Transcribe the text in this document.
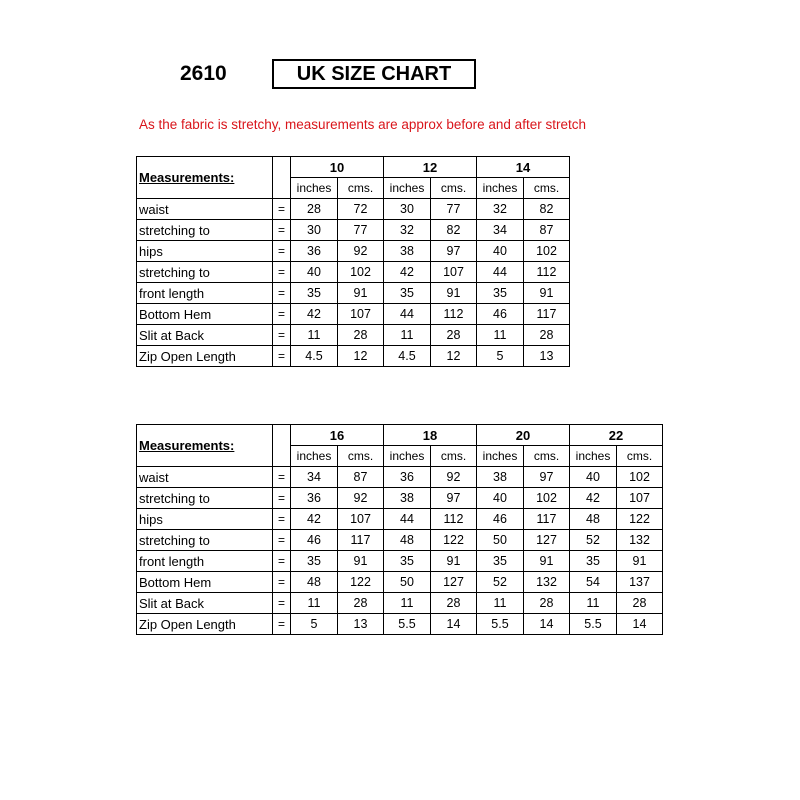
2610	UK SIZE CHART
As the fabric is stretchy, measurements are approx before and after stretch
Measurements:		10		12		14	
		inches	cms.	inches	cms.	inches	cms.
waist	=	28	72	30	77	32	82
stretching to	=	30	77	32	82	34	87
hips	=	36	92	38	97	40	102
stretching to	=	40	102	42	107	44	112
front length	=	35	91	35	91	35	91
Bottom Hem	=	42	107	44	112	46	117
Slit at Back	=	11	28	11	28	11	28
Zip Open Length	=	4.5	12	4.5	12	5	13
Measurements:		16		18		20		22	
		inches	cms.	inches	cms.	inches	cms.	inches	cms.
waist	=	34	87	36	92	38	97	40	102
stretching to	=	36	92	38	97	40	102	42	107
hips	=	42	107	44	112	46	117	48	122
stretching to	=	46	117	48	122	50	127	52	132
front length	=	35	91	35	91	35	91	35	91
Bottom Hem	=	48	122	50	127	52	132	54	137
Slit at Back	=	11	28	11	28	11	28	11	28
Zip Open Length	=	5	13	5.5	14	5.5	14	5.5	14
